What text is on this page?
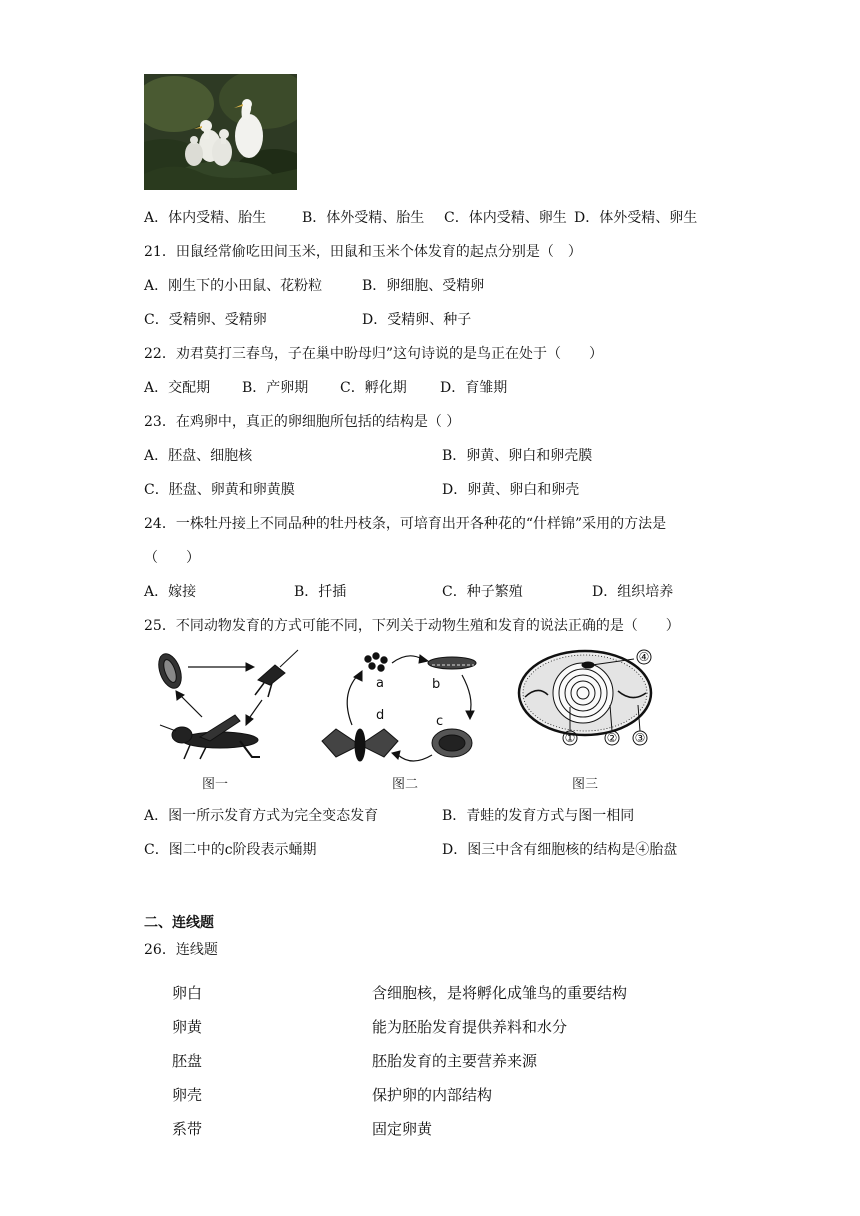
A．体内受精、胎生	B．体外受精、胎生 C．体内受精、卵生 D．体外受精、卵生
21．田鼠经常偷吃田间玉米，田鼠和玉米个体发育的起点分别是（　）
A．刚生下的小田鼠、花粉粒	B．卵细胞、受精卵
C．受精卵、受精卵	D．受精卵、种子
22．劝君莫打三春鸟，子在巢中盼母归”这句诗说的是鸟正在处于（　　）
A．交配期 B．产卵期 C．孵化期 D．育雏期
23．在鸡卵中，真正的卵细胞所包括的结构是（ ）
A．胚盘、细胞核	B．卵黄、卵白和卵壳膜
C．胚盘、卵黄和卵黄膜	D．卵黄、卵白和卵壳
24．一株牡丹接上不同品种的牡丹枝条，可培育出开各种花的“什样锦”采用的方法是
（　　）
A．嫁接	B．扦插	C．种子繁殖	D．组织培养
25．不同动物发育的方式可能不同，下列关于动物生殖和发育的说法正确的是（　　）
图一
a	b
c
d
图二
①	② ③
④
图三
A．图一所示发育方式为完全变态发育	B．青蛙的发育方式与图一相同
C．图二中的c阶段表示蛹期	D．图三中含有细胞核的结构是④胎盘
二、连线题
26．连线题
卵白	含细胞核，是将孵化成雏鸟的重要结构
卵黄	能为胚胎发育提供养料和水分
胚盘	胚胎发育的主要营养来源
卵壳	保护卵的内部结构
系带	固定卵黄
